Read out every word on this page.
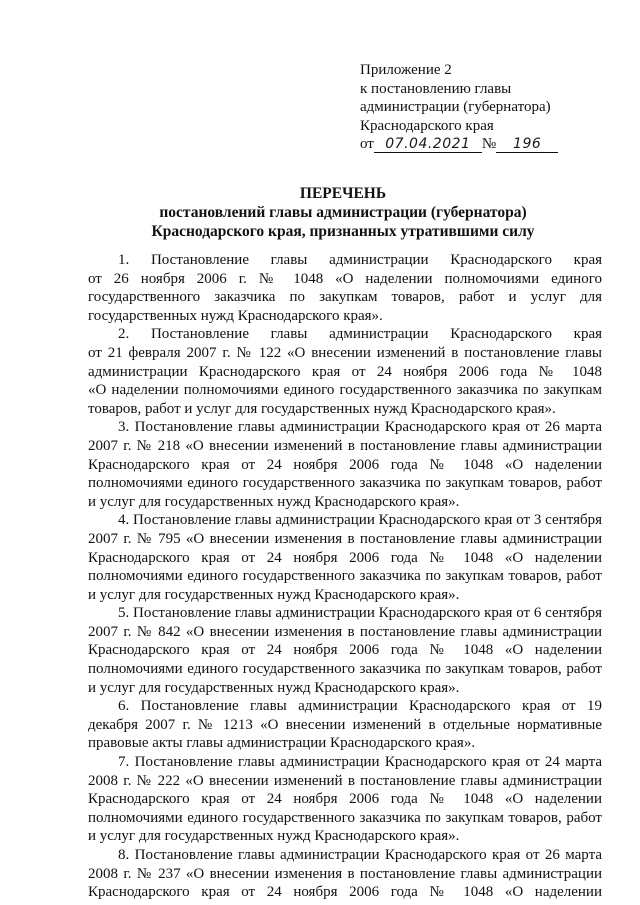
Приложение 2
к постановлению главы
администрации (губернатора)
Краснодарского края
от 07.04.2021 № 196
ПЕРЕЧЕНЬ
постановлений главы администрации (губернатора)
Краснодарского края, признанных утратившими силу
1. Постановление главы администрации Краснодарского края
от 26 ноября 2006 г. № 1048 «О наделении полномочиями единого
государственного заказчика по закупкам товаров, работ и услуг для
государственных нужд Краснодарского края».
2. Постановление главы администрации Краснодарского края
от 21 февраля 2007 г. № 122 «О внесении изменений в постановление главы
администрации Краснодарского края от 24 ноября 2006 года № 1048
«О наделении полномочиями единого государственного заказчика по закупкам
товаров, работ и услуг для государственных нужд Краснодарского края».
3. Постановление главы администрации Краснодарского края от 26 марта
2007 г. № 218 «О внесении изменений в постановление главы администрации
Краснодарского края от 24 ноября 2006 года № 1048 «О наделении
полномочиями единого государственного заказчика по закупкам товаров, работ
и услуг для государственных нужд Краснодарского края».
4. Постановление главы администрации Краснодарского края от 3 сентября
2007 г. № 795 «О внесении изменения в постановление главы администрации
Краснодарского края от 24 ноября 2006 года № 1048 «О наделении
полномочиями единого государственного заказчика по закупкам товаров, работ
и услуг для государственных нужд Краснодарского края».
5. Постановление главы администрации Краснодарского края от 6 сентября
2007 г. № 842 «О внесении изменения в постановление главы администрации
Краснодарского края от 24 ноября 2006 года № 1048 «О наделении
полномочиями единого государственного заказчика по закупкам товаров, работ
и услуг для государственных нужд Краснодарского края».
6. Постановление главы администрации Краснодарского края от 19
декабря 2007 г. № 1213 «О внесении изменений в отдельные нормативные
правовые акты главы администрации Краснодарского края».
7. Постановление главы администрации Краснодарского края от 24 марта
2008 г. № 222 «О внесении изменений в постановление главы администрации
Краснодарского края от 24 ноября 2006 года № 1048 «О наделении
полномочиями единого государственного заказчика по закупкам товаров, работ
и услуг для государственных нужд Краснодарского края».
8. Постановление главы администрации Краснодарского края от 26 марта
2008 г. № 237 «О внесении изменения в постановление главы администрации
Краснодарского края от 24 ноября 2006 года № 1048 «О наделении
